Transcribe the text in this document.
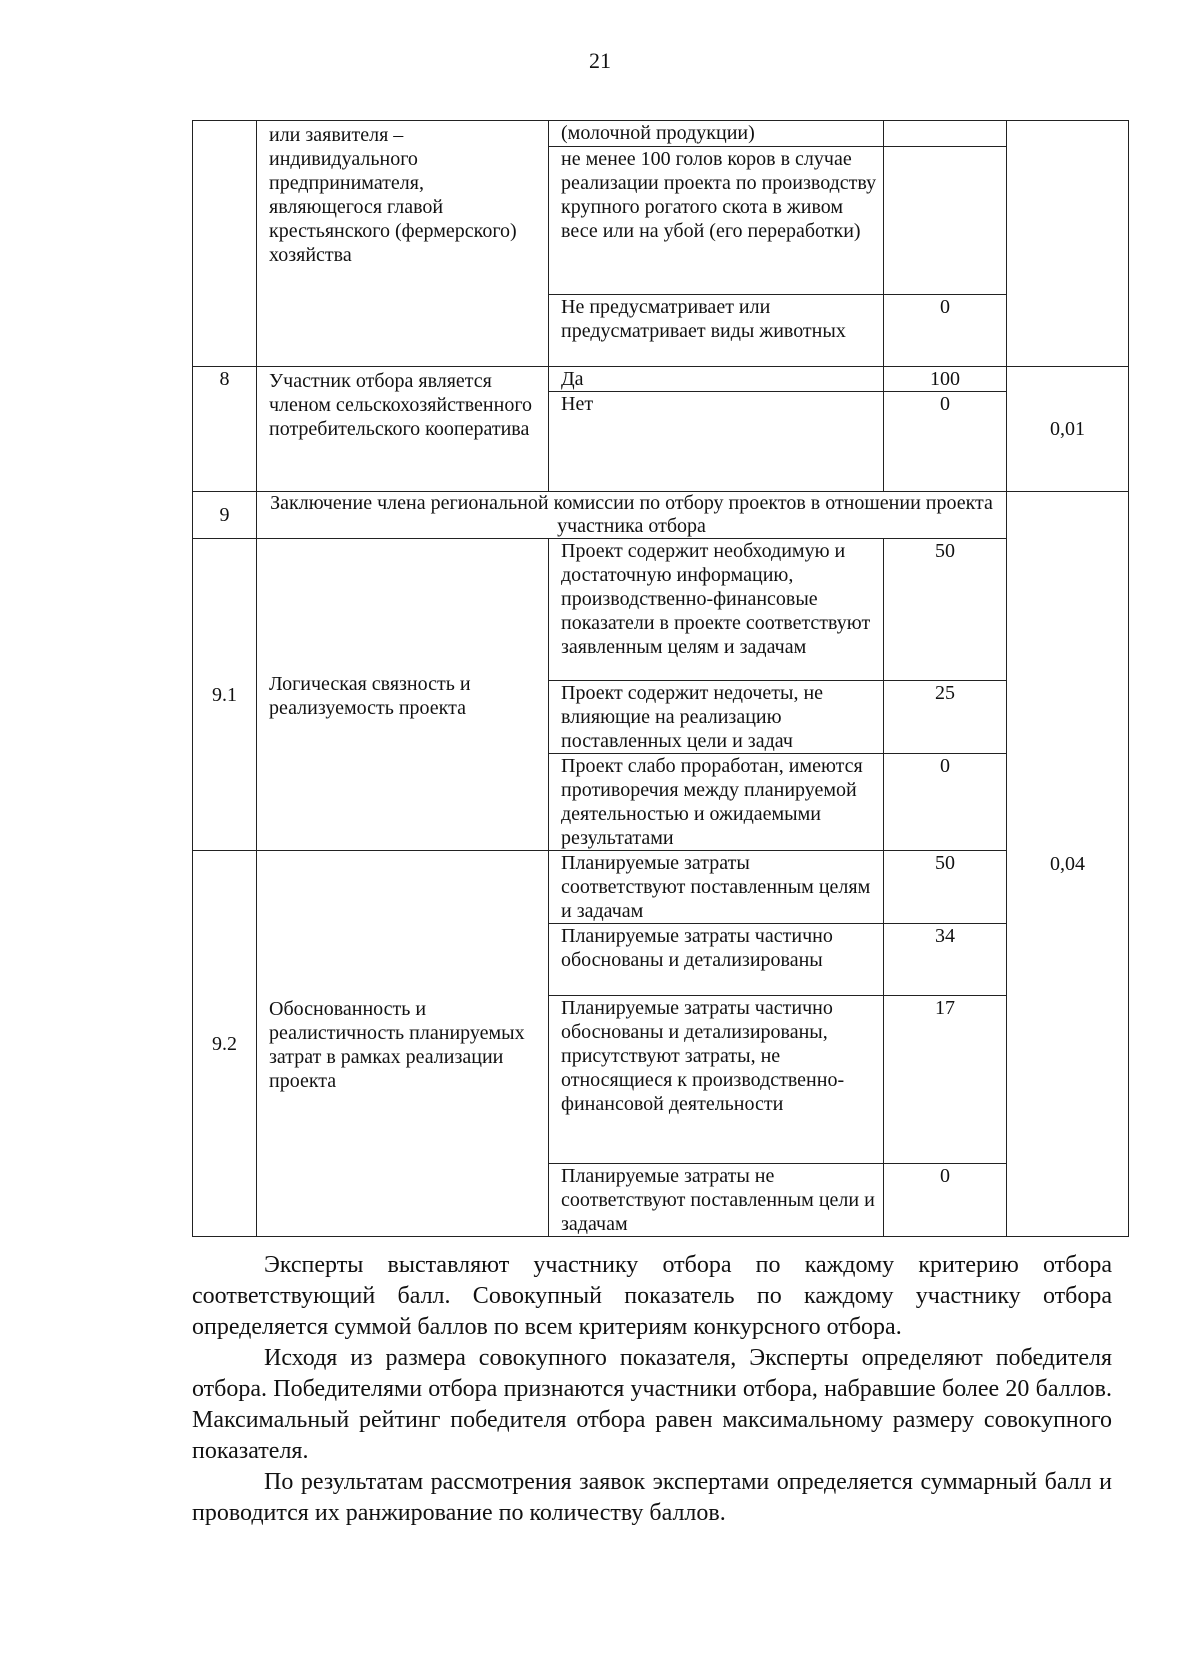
21
	или заявителя – индивидуального предпринимателя, являющегося главой крестьянского (фермерского) хозяйства	(молочной продукции)		
		не менее 100 голов коров в случае реализации проекта по производству крупного рогатого скота в живом весе или на убой (его переработки)		
		Не предусматривает или предусматривает виды животных	0	
8	Участник отбора является членом сельскохозяйственного потребительского кооператива	Да	100	0,01
		Нет	0	
9	Заключение члена региональной комиссии по отбору проектов в отношении проекта участника отбора			0,04
9.1	Логическая связность и реализуемость проекта	Проект содержит необходимую и достаточную информацию, производственно-финансовые показатели в проекте соответствуют заявленным целям и задачам	50	
		Проект содержит недочеты, не влияющие на реализацию поставленных цели и задач	25	
		Проект слабо проработан, имеются противоречия между планируемой деятельностью и ожидаемыми результатами	0	
9.2	Обоснованность и реалистичность планируемых затрат в рамках реализации проекта	Планируемые затраты соответствуют поставленным целям и задачам	50	
		Планируемые затраты частично обоснованы и детализированы	34	
		Планируемые затраты частично обоснованы и детализированы, присутствуют затраты, не относящиеся к производственно-финансовой деятельности	17	
		Планируемые затраты не соответствуют поставленным цели и задачам	0	

Эксперты выставляют участнику отбора по каждому критерию отбора соответствующий балл. Совокупный показатель по каждому участнику отбора определяется суммой баллов по всем критериям конкурсного отбора.

Исходя из размера совокупного показателя, Эксперты определяют победителя отбора. Победителями отбора признаются участники отбора, набравшие более 20 баллов. Максимальный рейтинг победителя отбора равен максимальному размеру совокупного показателя.

По результатам рассмотрения заявок экспертами определяется суммарный балл и проводится их ранжирование по количеству баллов.
